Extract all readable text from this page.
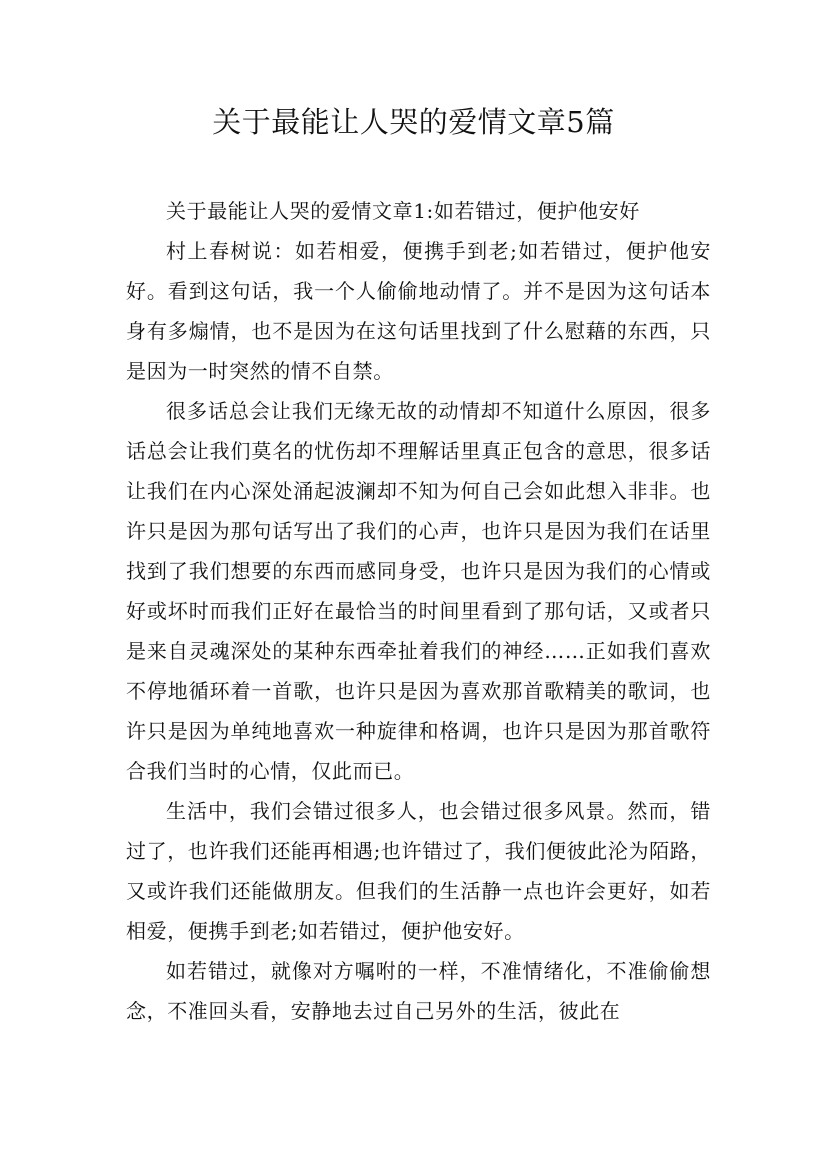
关于最能让人哭的爱情文章5篇

关于最能让人哭的爱情文章1:如若错过，便护他安好

村上春树说：如若相爱，便携手到老;如若错过，便护他安好。看到这句话，我一个人偷偷地动情了。并不是因为这句话本身有多煽情，也不是因为在这句话里找到了什么慰藉的东西，只是因为一时突然的情不自禁。

很多话总会让我们无缘无故的动情却不知道什么原因，很多话总会让我们莫名的忧伤却不理解话里真正包含的意思，很多话让我们在内心深处涌起波澜却不知为何自己会如此想入非非。也许只是因为那句话写出了我们的心声，也许只是因为我们在话里找到了我们想要的东西而感同身受，也许只是因为我们的心情或好或坏时而我们正好在最恰当的时间里看到了那句话，又或者只是来自灵魂深处的某种东西牵扯着我们的神经……正如我们喜欢不停地循环着一首歌，也许只是因为喜欢那首歌精美的歌词，也许只是因为单纯地喜欢一种旋律和格调，也许只是因为那首歌符合我们当时的心情，仅此而已。

生活中，我们会错过很多人，也会错过很多风景。然而，错过了，也许我们还能再相遇;也许错过了，我们便彼此沦为陌路，又或许我们还能做朋友。但我们的生活静一点也许会更好，如若相爱，便携手到老;如若错过，便护他安好。

如若错过，就像对方嘱咐的一样，不准情绪化，不准偷偷想念，不准回头看，安静地去过自己另外的生活，彼此在
